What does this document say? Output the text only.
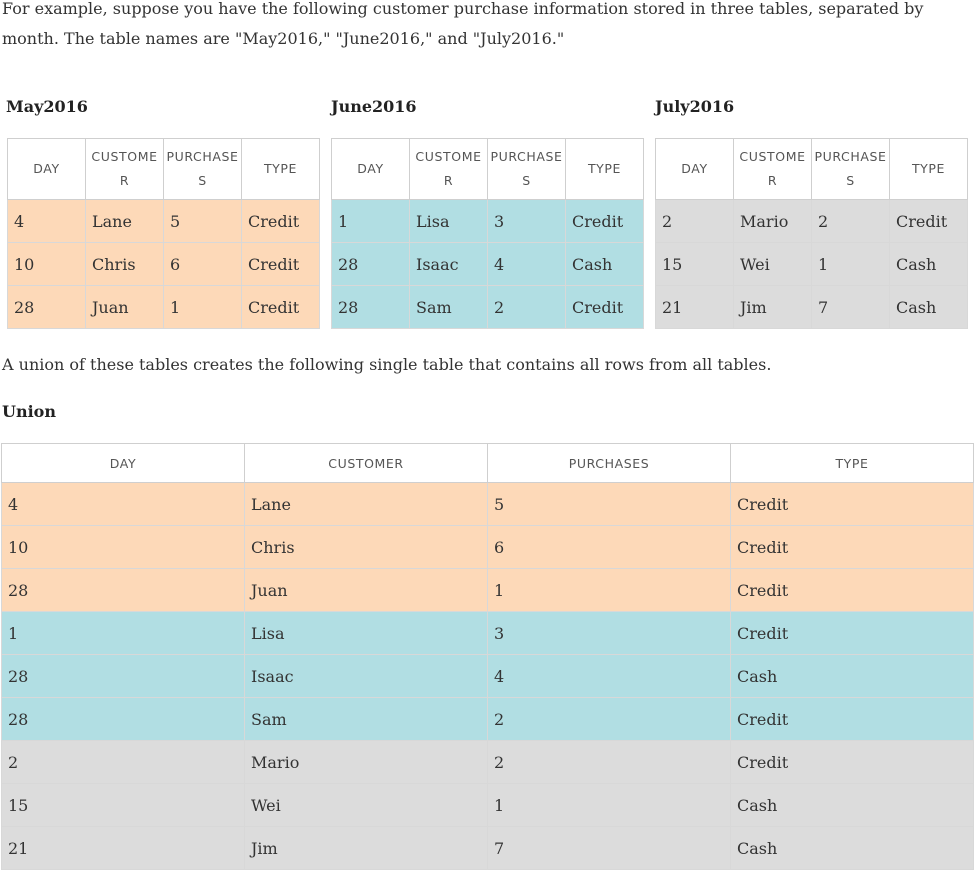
For example, suppose you have the following customer purchase information stored in three tables, separated by month. The table names are "May2016," "June2016," and "July2016."

May2016

DAY	CUSTOMER	PURCHASES	TYPE
4	Lane	5	Credit
10	Chris	6	Credit
28	Juan	1	Credit

June2016

DAY	CUSTOMER	PURCHASES	TYPE
1	Lisa	3	Credit
28	Isaac	4	Cash
28	Sam	2	Credit

July2016

DAY	CUSTOMER	PURCHASES	TYPE
2	Mario	2	Credit
15	Wei	1	Cash
21	Jim	7	Cash

A union of these tables creates the following single table that contains all rows from all tables.

Union

DAY	CUSTOMER	PURCHASES	TYPE
4	Lane	5	Credit
10	Chris	6	Credit
28	Juan	1	Credit
1	Lisa	3	Credit
28	Isaac	4	Cash
28	Sam	2	Credit
2	Mario	2	Credit
15	Wei	1	Cash
21	Jim	7	Cash
